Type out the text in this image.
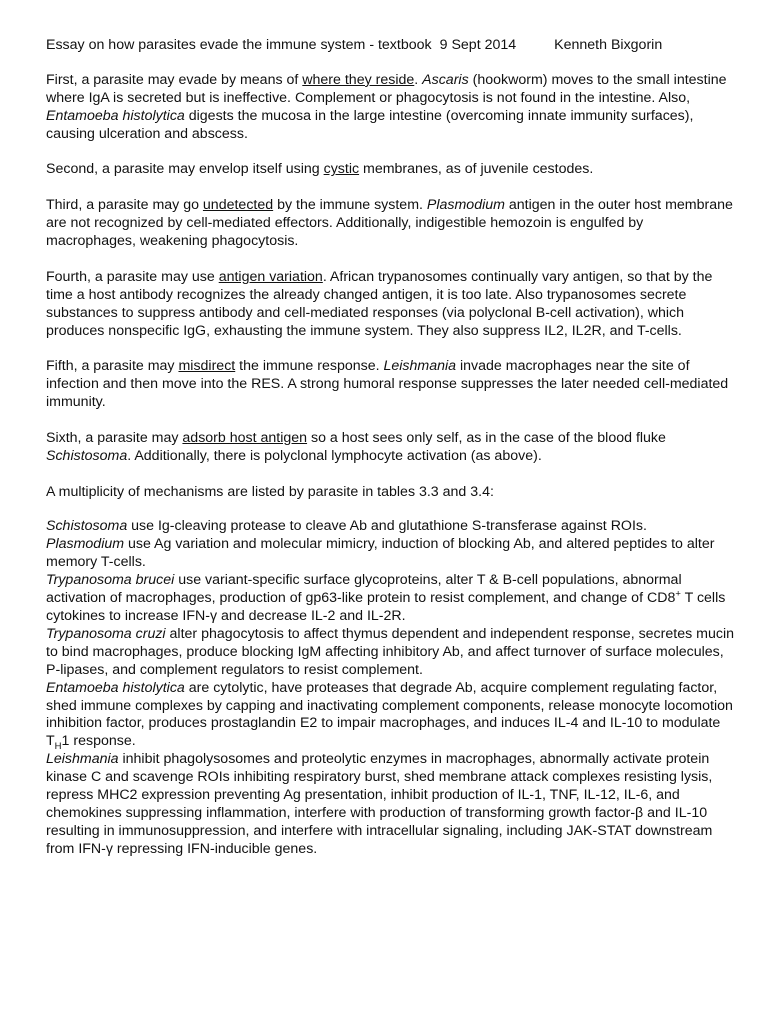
Essay on how parasites evade the immune system - textbook 9 Sept 2014	Kenneth Bixgorin

First, a parasite may evade by means of where they reside. Ascaris (hookworm) moves to the small intestine where IgA is secreted but is ineffective. Complement or phagocytosis is not found in the intestine. Also, Entamoeba histolytica digests the mucosa in the large intestine (overcoming innate immunity surfaces), causing ulceration and abscess.

Second, a parasite may envelop itself using cystic membranes, as of juvenile cestodes.

Third, a parasite may go undetected by the immune system. Plasmodium antigen in the outer host membrane are not recognized by cell-mediated effectors. Additionally, indigestible hemozoin is engulfed by macrophages, weakening phagocytosis.

Fourth, a parasite may use antigen variation. African trypanosomes continually vary antigen, so that by the time a host antibody recognizes the already changed antigen, it is too late. Also trypanosomes secrete substances to suppress antibody and cell-mediated responses (via polyclonal B-cell activation), which produces nonspecific IgG, exhausting the immune system. They also suppress IL2, IL2R, and T-cells.

Fifth, a parasite may misdirect the immune response. Leishmania invade macrophages near the site of infection and then move into the RES. A strong humoral response suppresses the later needed cell-mediated immunity.

Sixth, a parasite may adsorb host antigen so a host sees only self, as in the case of the blood fluke Schistosoma. Additionally, there is polyclonal lymphocyte activation (as above).

A multiplicity of mechanisms are listed by parasite in tables 3.3 and 3.4:

Schistosoma use Ig-cleaving protease to cleave Ab and glutathione S-transferase against ROIs.
Plasmodium use Ag variation and molecular mimicry, induction of blocking Ab, and altered peptides to alter memory T-cells.
Trypanosoma brucei use variant-specific surface glycoproteins, alter T & B-cell populations, abnormal activation of macrophages, production of gp63-like protein to resist complement, and change of CD8+ T cells cytokines to increase IFN-γ and decrease IL-2 and IL-2R.
Trypanosoma cruzi alter phagocytosis to affect thymus dependent and independent response, secretes mucin to bind macrophages, produce blocking IgM affecting inhibitory Ab, and affect turnover of surface molecules, P-lipases, and complement regulators to resist complement.
Entamoeba histolytica are cytolytic, have proteases that degrade Ab, acquire complement regulating factor, shed immune complexes by capping and inactivating complement components, release monocyte locomotion inhibition factor, produces prostaglandin E2 to impair macrophages, and induces IL-4 and IL-10 to modulate $T_H1$ response.
Leishmania inhibit phagolysosomes and proteolytic enzymes in macrophages, abnormally activate protein kinase C and scavenge ROIs inhibiting respiratory burst, shed membrane attack complexes resisting lysis, repress MHC2 expression preventing Ag presentation, inhibit production of IL-1, TNF, IL-12, IL-6, and chemokines suppressing inflammation, interfere with production of transforming growth factor-β and IL-10 resulting in immunosuppression, and interfere with intracellular signaling, including JAK-STAT downstream from IFN-γ repressing IFN-inducible genes.
